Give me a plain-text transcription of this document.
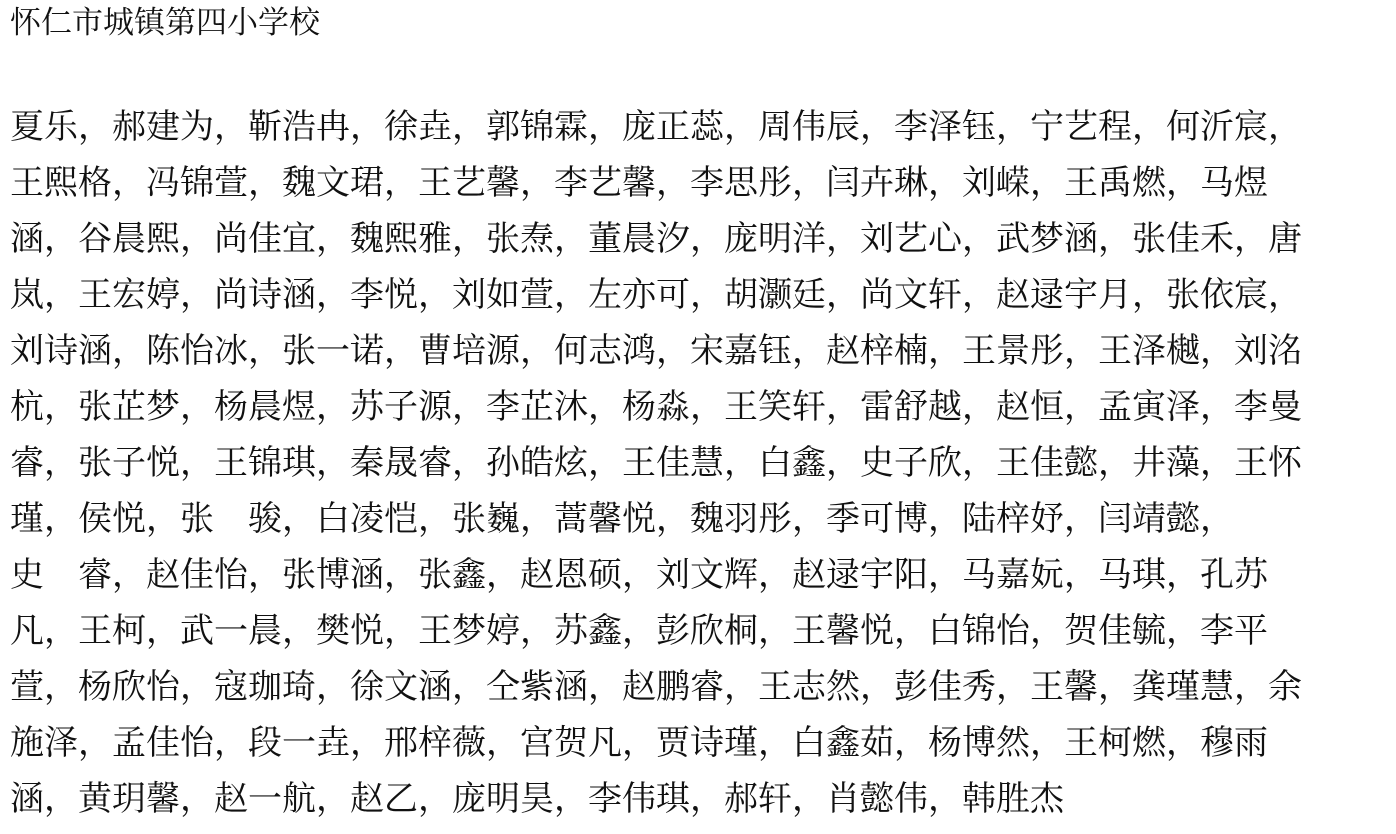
怀仁市城镇第四小学校
夏乐，郝建为，靳浩冉，徐垚，郭锦霖，庞正蕊，周伟辰，李泽钰，宁艺程，何沂宸，
王熙格，冯锦萱，魏文珺，王艺馨，李艺馨，李思彤，闫卉琳，刘嵘，王禹燃，马煜
涵，谷晨熙，尚佳宜，魏熙雅，张焘，董晨汐，庞明洋，刘艺心，武梦涵，张佳禾，唐
岚，王宏婷，尚诗涵，李悦，刘如萱，左亦可，胡灏廷，尚文轩，赵逯宇月，张依宸，
刘诗涵，陈怡冰，张一诺，曹培源，何志鸿，宋嘉钰，赵梓楠，王景彤，王泽樾，刘洺
杭，张芷梦，杨晨煜，苏子源，李芷沐，杨淼，王笑轩，雷舒越，赵恒，孟寅泽，李曼
睿，张子悦，王锦琪，秦晟睿，孙皓炫，王佳慧，白鑫，史子欣，王佳懿，井藻，王怀
瑾，侯悦，张　骏，白凌恺，张巍，蒿馨悦，魏羽彤，季可博，陆梓妤，闫靖懿，
史　睿，赵佳怡，张博涵，张鑫，赵恩硕，刘文辉，赵逯宇阳，马嘉妧，马琪，孔苏
凡，王柯，武一晨，樊悦，王梦婷，苏鑫，彭欣桐，王馨悦，白锦怡，贺佳毓，李平
萱，杨欣怡，寇珈琦，徐文涵，仝紫涵，赵鹏睿，王志然，彭佳秀，王馨，龚瑾慧，余
施泽，孟佳怡，段一垚，邢梓薇，宫贺凡，贾诗瑾，白鑫茹，杨博然，王柯燃，穆雨
涵，黄玥馨，赵一航，赵乙，庞明昊，李伟琪，郝轩，肖懿伟，韩胜杰
